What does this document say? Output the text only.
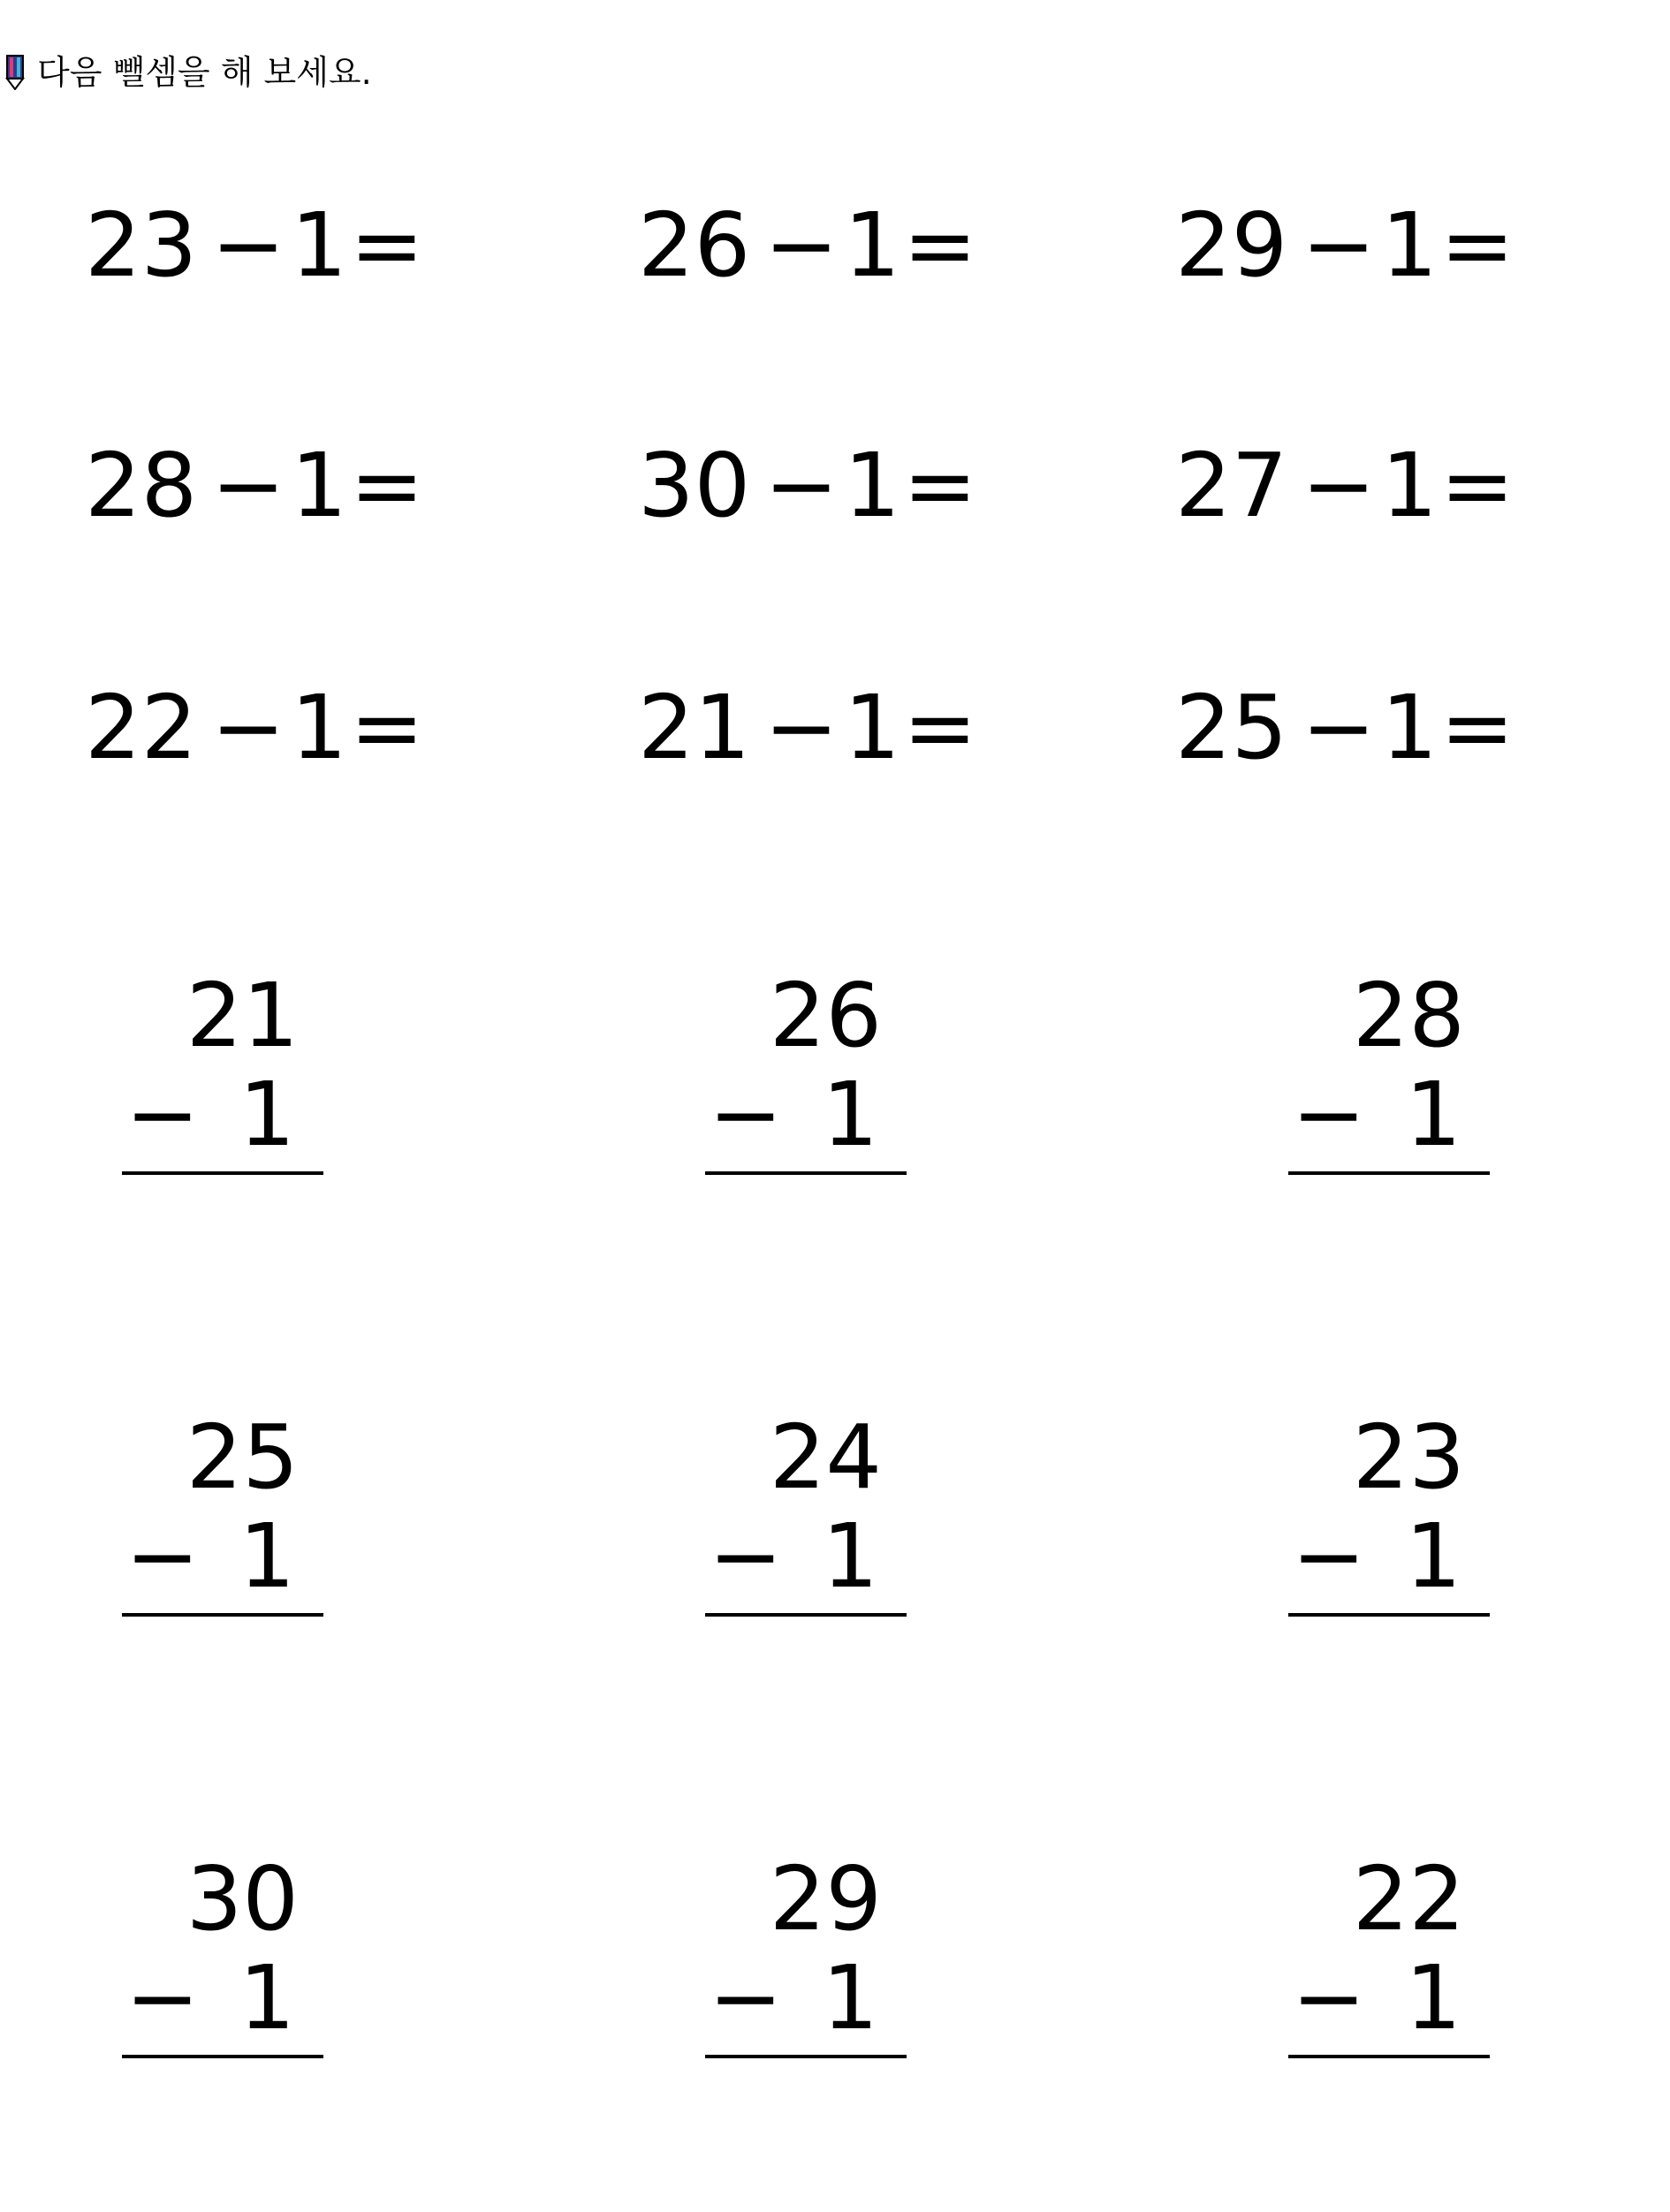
다음 뺄셈을 해 보세요.
23 − 1 = 26 − 1 = 29 − 1 =
28 − 1 = 30 − 1 = 27 − 1 =
22 − 1 = 21 − 1 = 25 − 1 =
21
− 1
26
− 1
28
− 1
25
− 1
24
− 1
23
− 1
30
− 1
29
− 1
22
− 1
